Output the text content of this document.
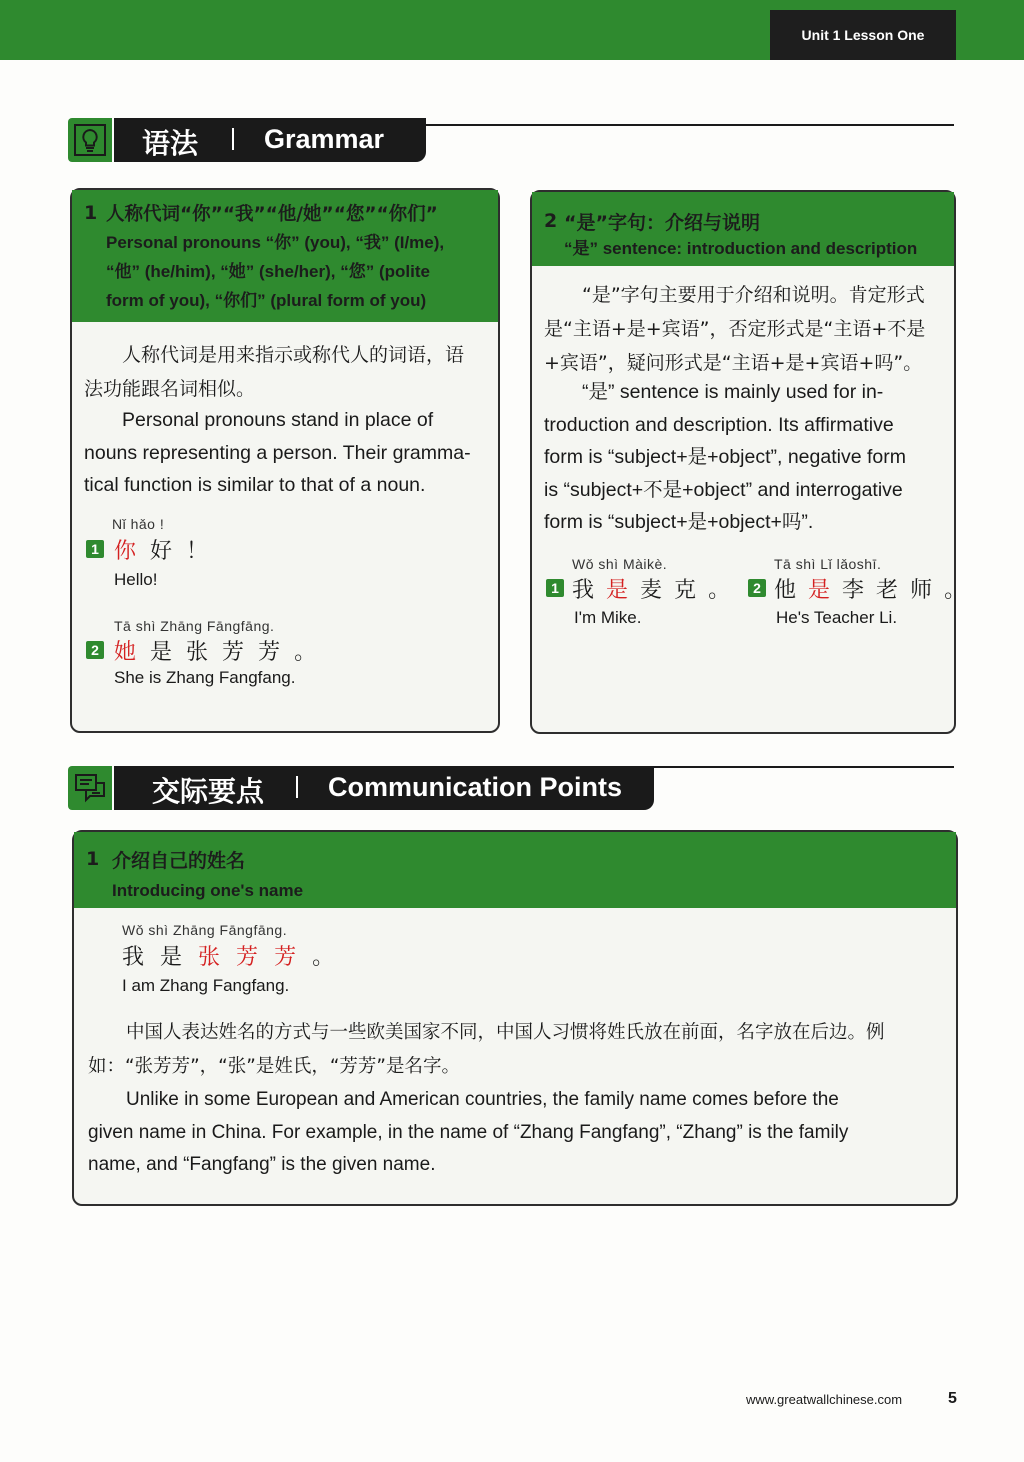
Unit 1 Lesson One
语法 Grammar
1 人称代词“你”“我”“他/她”“您”“你们”
Personal pronouns “你” (you), “我” (I/me),
“他” (he/him), “她” (she/her), “您” (polite
form of you), “你们” (plural form of you)
人称代词是用来指示或称代人的词语，语
法功能跟名词相似。
Personal pronouns stand in place of
nouns representing a person. Their gramma-
tical function is similar to that of a noun.
Nǐ hǎo !
1 你好！
Hello!
Tā shì Zhāng Fāngfāng.
2 她是张芳芳。
She is Zhang Fangfang.
2 “是”字句：介绍与说明
“是” sentence: introduction and description
“是”字句主要用于介绍和说明。肯定形式
是“主语+是+宾语”，否定形式是“主语+不是
+宾语”，疑问形式是“主语+是+宾语+吗”。
“是” sentence is mainly used for in-
troduction and description. Its affirmative
form is “subject+是+object”, negative form
is “subject+不是+object” and interrogative
form is “subject+是+object+吗”.
Wǒ shì Màikè.
1 我是麦克。
I'm Mike.
Tā shì Lǐ lǎoshī.
2 他是李老师。
He's Teacher Li.
交际要点 Communication Points
1 介绍自己的姓名
Introducing one's name
Wǒ shì Zhāng Fāngfāng.
我是张芳芳。
I am Zhang Fangfang.
中国人表达姓名的方式与一些欧美国家不同，中国人习惯将姓氏放在前面，名字放在后边。例
如：“张芳芳”，“张”是姓氏，“芳芳”是名字。
Unlike in some European and American countries, the family name comes before the
given name in China. For example, in the name of “Zhang Fangfang”, “Zhang” is the family
name, and “Fangfang” is the given name.
www.greatwallchinese.com	5
